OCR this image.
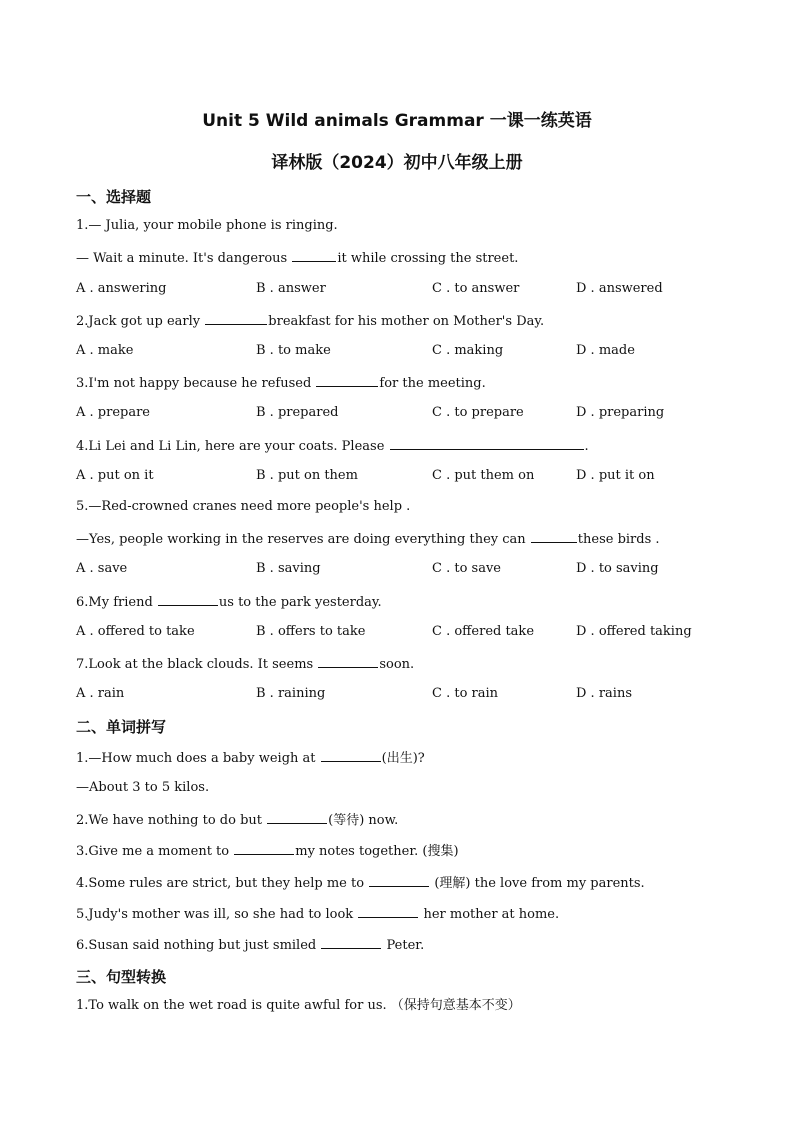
Unit 5 Wild animals Grammar 一课一练英语
译林版（2024）初中八年级上册
一、选择题
1.— Julia, your mobile phone is ringing.
— Wait a minute. It's dangerous	it while crossing the street.
A . answering	B . answer	C . to answer	D . answered
2.Jack got up early	breakfast for his mother on Mother's Day.
A . make	B . to make	C . making	D . made
3.I'm not happy because he refused	for the meeting.
A . prepare	B . prepared	C . to prepare	D . preparing
4.Li Lei and Li Lin, here are your coats. Please	.
A . put on it	B . put on them	C . put them on	D . put it on
5.—Red-crowned cranes need more people's help .
—Yes, people working in the reserves are doing everything they can	these birds .
A . save	B . saving	C . to save	D . to saving
6.My friend	us to the park yesterday.
A . offered to take	B . offers to take	C . offered take	D . offered taking
7.Look at the black clouds. It seems	soon.
A . rain	B . raining	C . to rain	D . rains
二、单词拼写
1.—How much does a baby weigh at	(出生)?
—About 3 to 5 kilos.
2.We have nothing to do but	(等待) now.
3.Give me a moment to	my notes together. (搜集)
4.Some rules are strict, but they help me to	(理解) the love from my parents.
5.Judy's mother was ill, so she had to look	her mother at home.
6.Susan said nothing but just smiled	Peter.
三、句型转换
1.To walk on the wet road is quite awful for us. （保持句意基本不变）
